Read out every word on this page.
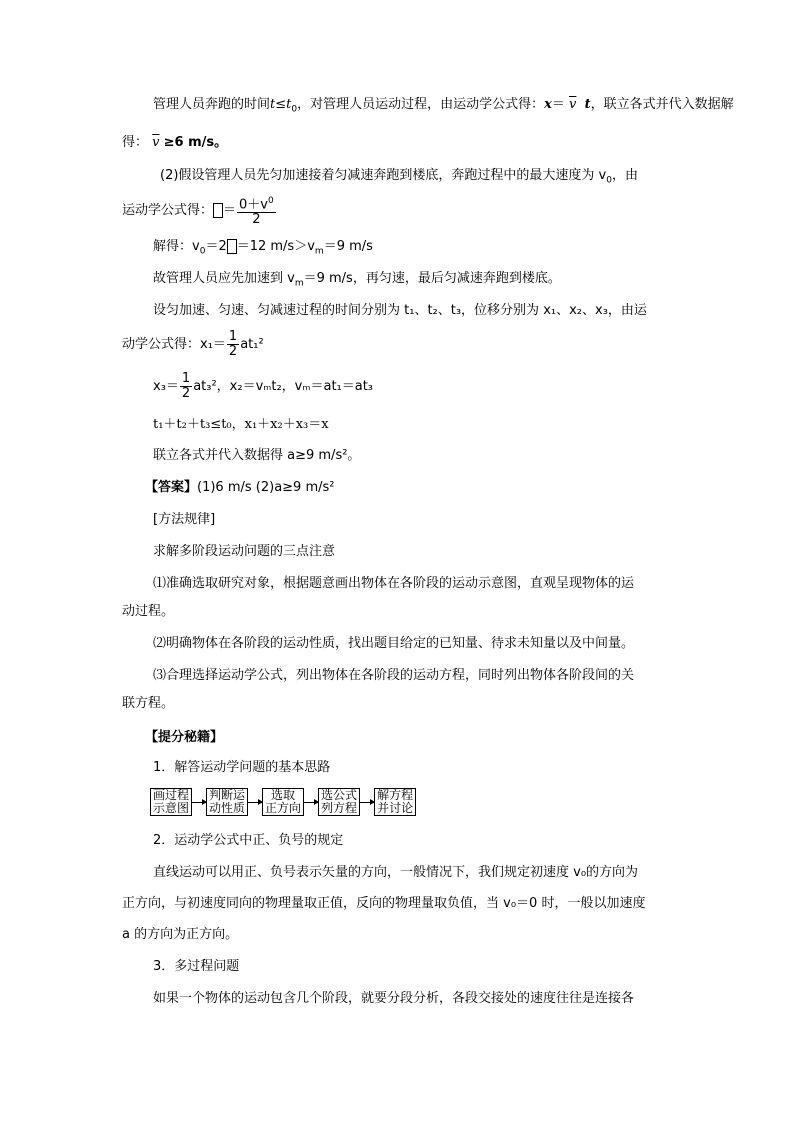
管理人员奔跑的时间$t\le t_0$，对管理人员运动过程，由运动学公式得：$x= \overline{v}$ t，联立各式并代入数据解
得： $\overline{v} \ge 6$ m/s。
(2)假设管理人员先匀加速接着匀减速奔跑到楼底，奔跑过程中的最大速度为 $v_0$，由
运动学公式得： ＝ $\frac{0+v^0}{2}$
解得：$v_0=2 =12$ $m/s>v_m=9$ m/s
故管理人员应先加速到 $v_m=9$ m/s，再匀速，最后匀减速奔跑到楼底。
设匀加速、匀速、匀减速过程的时间分别为 t₁、t₂、t₃，位移分别为 x₁、x₂、x₃，由运
动学公式得：$x_1= \frac{1}{2} at_1^2$
$x_3= \frac{1}{2} at_3^2$，x₂＝vₘt₂，vₘ＝at₁＝at₃
t₁＋t₂＋t₃≤t₀，x₁＋x₂＋x₃＝x
联立各式并代入数据得 a≥9 m/s²。
【答案】(1)6 m/s (2)a≥9 m/s²
[方法规律]
求解多阶段运动问题的三点注意
⑴准确选取研究对象，根据题意画出物体在各阶段的运动示意图，直观呈现物体的运
动过程。
⑵明确物体在各阶段的运动性质，找出题目给定的已知量、待求未知量以及中间量。
⑶合理选择运动学公式，列出物体在各阶段的运动方程，同时列出物体各阶段间的关
联方程。
【提分秘籍】
1．解答运动学问题的基本思路
画过程
示意图
判断运
动性质
选取
正方向
选公式
列方程
解方程
并讨论
2．运动学公式中正、负号的规定
直线运动可以用正、负号表示矢量的方向，一般情况下，我们规定初速度 v₀的方向为
正方向，与初速度同向的物理量取正值，反向的物理量取负值，当 v₀＝0 时，一般以加速度
a 的方向为正方向。
3．多过程问题
如果一个物体的运动包含几个阶段，就要分段分析，各段交接处的速度往往是连接各
